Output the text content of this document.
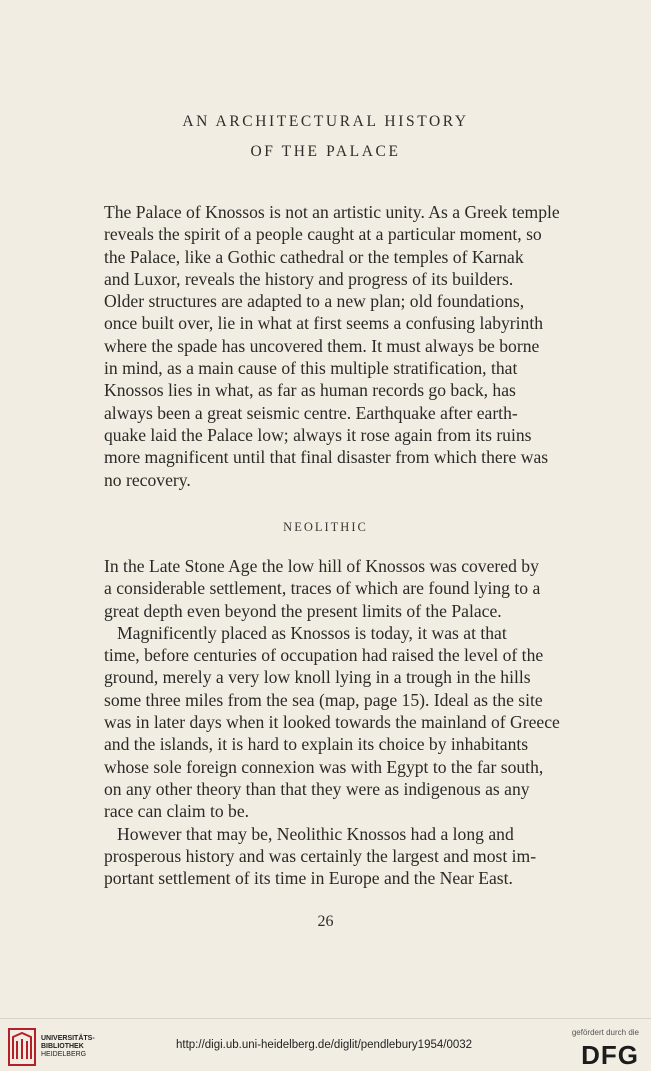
AN ARCHITECTURAL HISTORY
OF THE PALACE

The Palace of Knossos is not an artistic unity. As a Greek temple

reveals the spirit of a people caught at a particular moment, so

the Palace, like a Gothic cathedral or the temples of Karnak

and Luxor, reveals the history and progress of its builders.

Older structures are adapted to a new plan; old foundations,

once built over, lie in what at first seems a confusing labyrinth

where the spade has uncovered them. It must always be borne

in mind, as a main cause of this multiple stratification, that

Knossos lies in what, as far as human records go back, has

always been a great seismic centre. Earthquake after earth-

quake laid the Palace low; always it rose again from its ruins

more magnificent until that final disaster from which there was

no recovery.

NEOLITHIC

In the Late Stone Age the low hill of Knossos was covered by

a considerable settlement, traces of which are found lying to a

great depth even beyond the present limits of the Palace.

Magnificently placed as Knossos is today, it was at that

time, before centuries of occupation had raised the level of the

ground, merely a very low knoll lying in a trough in the hills

some three miles from the sea (map, page 15). Ideal as the site

was in later days when it looked towards the mainland of Greece

and the islands, it is hard to explain its choice by inhabitants

whose sole foreign connexion was with Egypt to the far south,

on any other theory than that they were as indigenous as any

race can claim to be.

However that may be, Neolithic Knossos had a long and

prosperous history and was certainly the largest and most im-

portant settlement of its time in Europe and the Near East.

26
UNIVERSITÄTS-
BIBLIOTHEK
HEIDELBERG
http://digi.ub.uni-heidelberg.de/diglit/pendlebury1954/0032
gefördert durch die
DFG
